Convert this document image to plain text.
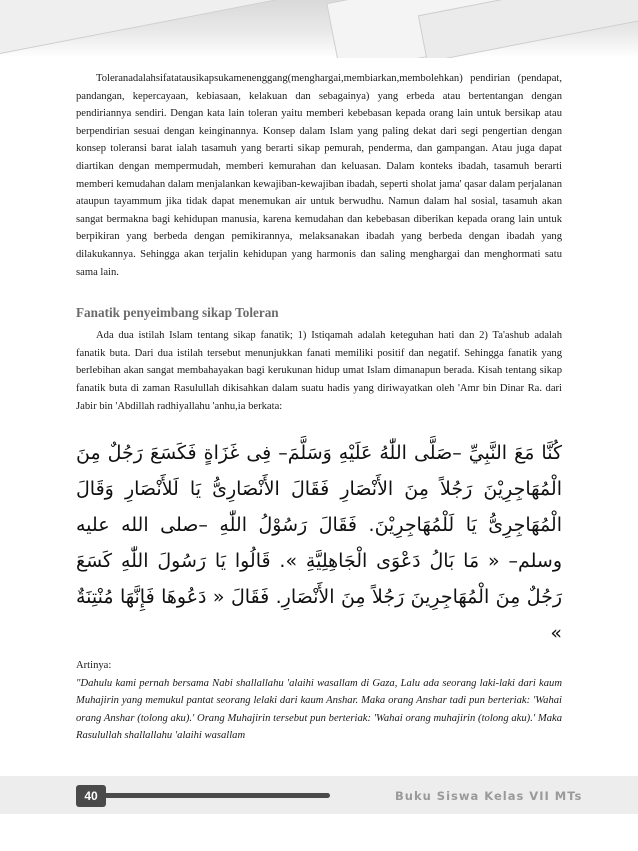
Toleranadalahsifatatausikapsukamenenggang(menghargai,membiarkan,membolehkan) pendirian (pendapat, pandangan, kepercayaan, kebiasaan, kelakuan dan sebagainya) yang erbeda atau bertentangan dengan pendiriannya sendiri. Dengan kata lain toleran yaitu memberi kebebasan kepada orang lain untuk bersikap atau berpendirian sesuai dengan keinginannya. Konsep dalam Islam yang paling dekat dari segi pengertian dengan konsep toleransi barat ialah tasamuh yang berarti sikap pemurah, penderma, dan gampangan. Atau juga dapat diartikan dengan mempermudah, memberi kemurahan dan keluasan. Dalam konteks ibadah, tasamuh berarti memberi kemudahan dalam menjalankan kewajiban-kewajiban ibadah, seperti sholat jama' qasar dalam perjalanan ataupun tayammum jika tidak dapat menemukan air untuk berwudhu. Namun dalam hal sosial, tasamuh akan sangat bermakna bagi kehidupan manusia, karena kemudahan dan kebebasan diberikan kepada orang lain untuk berpikiran yang berbeda dengan pemikirannya, melaksanakan ibadah yang berbeda dengan ibadah yang dilakukannya. Sehingga akan terjalin kehidupan yang harmonis dan saling menghargai dan menghormati satu sama lain.

Fanatik penyeimbang sikap Toleran

Ada dua istilah Islam tentang sikap fanatik; 1) Istiqamah adalah keteguhan hati dan 2) Ta'ashub adalah fanatik buta. Dari dua istilah tersebut menunjukkan fanati memiliki positif dan negatif. Sehingga fanatik yang berlebihan akan sangat membahayakan bagi kerukunan hidup umat Islam dimanapun berada. Kisah tentang sikap fanatik buta di zaman Rasulullah dikisahkan dalam suatu hadis yang diriwayatkan oleh 'Amr bin Dinar Ra. dari Jabir bin 'Abdillah radhiyallahu 'anhu,ia berkata:

كُنَّا مَعَ النَّبِيِّ –صَلَّى اللّٰهُ عَلَيْهِ وَسَلَّمَ– فِى غَزَاةٍ فَكَسَعَ رَجُلٌ مِنَ الْمُهَاجِرِيْنَ رَجُلاً مِنَ الأَنْصَارِ فَقَالَ الأَنْصَارِىُّ يَا لَلأَنْصَارِ وَقَالَ الْمُهَاجِرِىُّ يَا لَلْمُهَاجِرِيْنَ. فَقَالَ رَسُوْلُ اللّٰهِ –صلى الله عليه وسلم– « مَا بَالُ دَعْوَى الْجَاهِلِيَّةِ ». قَالُوا يَا رَسُولَ اللّٰهِ كَسَعَ رَجُلٌ مِنَ الْمُهَاجِرِينَ رَجُلاً مِنَ الأَنْصَارِ. فَقَالَ « دَعُوهَا فَإِنَّهَا مُنْتِنَةٌ »

Artinya:

"Dahulu kami pernah bersama Nabi shallallahu 'alaihi wasallam di Gaza, Lalu ada seorang laki-laki dari kaum Muhajirin yang memukul pantat seorang lelaki dari kaum Anshar. Maka orang Anshar tadi pun berteriak: 'Wahai orang Anshar (tolong aku).' Orang Muhajirin tersebut pun berteriak: 'Wahai orang muhajirin (tolong aku).' Maka Rasulullah shallallahu 'alaihi wasallam

40	Buku Siswa Kelas VII MTs
